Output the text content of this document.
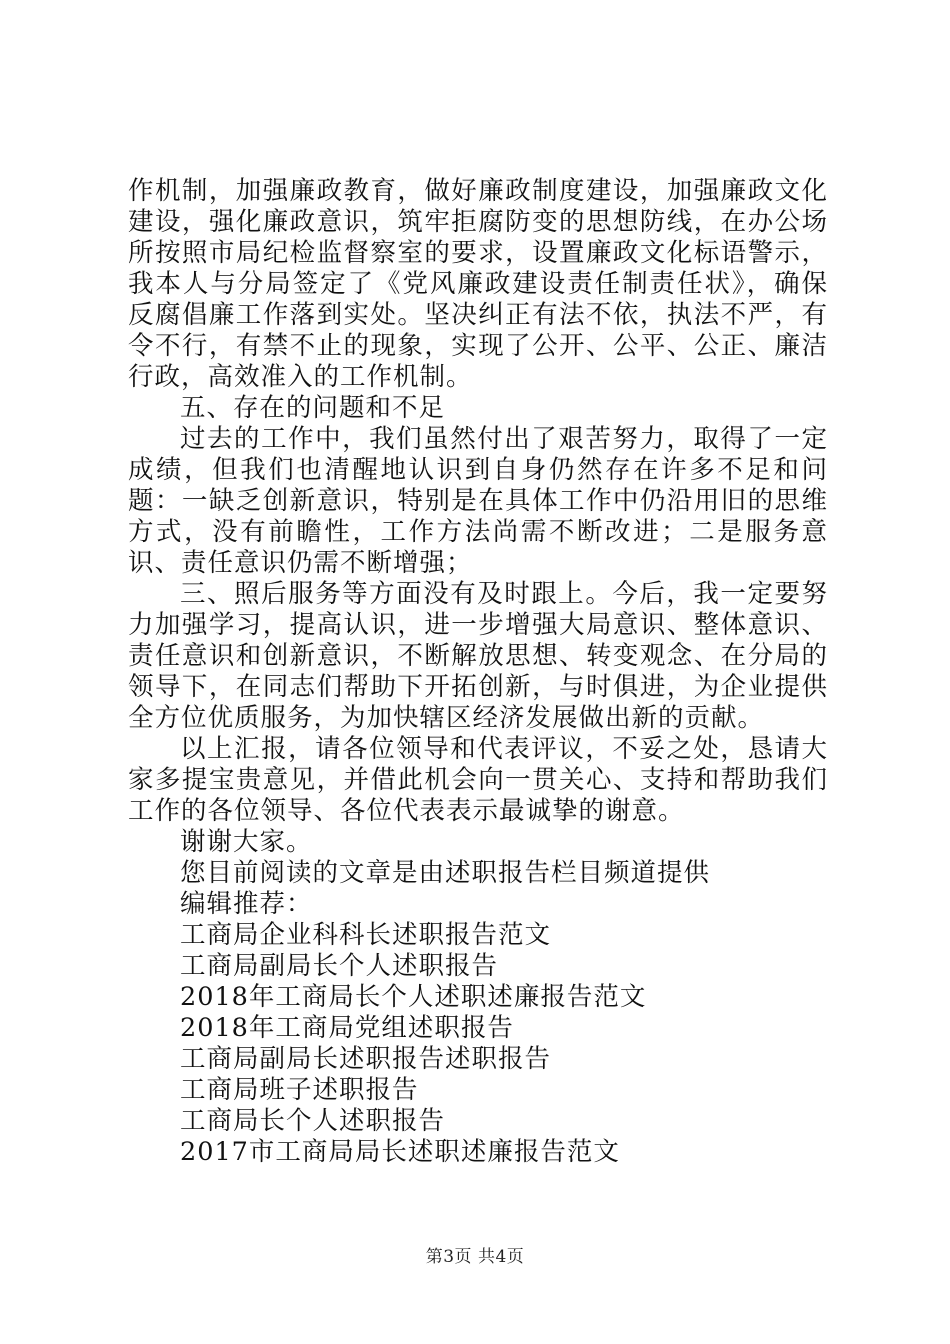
作机制，加强廉政教育，做好廉政制度建设，加强廉政文化建设，强化廉政意识，筑牢拒腐防变的思想防线，在办公场所按照市局纪检监督察室的要求，设置廉政文化标语警示，我本人与分局签定了《党风廉政建设责任制责任状》，确保反腐倡廉工作落到实处。坚决纠正有法不依，执法不严，有令不行，有禁不止的现象，实现了公开、公平、公正、廉洁行政，高效准入的工作机制。

五、存在的问题和不足

过去的工作中，我们虽然付出了艰苦努力，取得了一定成绩，但我们也清醒地认识到自身仍然存在许多不足和问题：一缺乏创新意识，特别是在具体工作中仍沿用旧的思维方式，没有前瞻性，工作方法尚需不断改进；二是服务意识、责任意识仍需不断增强；

三、照后服务等方面没有及时跟上。今后，我一定要努力加强学习，提高认识，进一步增强大局意识、整体意识、责任意识和创新意识，不断解放思想、转变观念、在分局的领导下，在同志们帮助下开拓创新，与时俱进，为企业提供全方位优质服务，为加快辖区经济发展做出新的贡献。

以上汇报，请各位领导和代表评议，不妥之处，恳请大家多提宝贵意见，并借此机会向一贯关心、支持和帮助我们工作的各位领导、各位代表表示最诚挚的谢意。

谢谢大家。

您目前阅读的文章是由述职报告栏目频道提供

编辑推荐：

工商局企业科科长述职报告范文
工商局副局长个人述职报告
2018年工商局长个人述职述廉报告范文
2018年工商局党组述职报告
工商局副局长述职报告述职报告
工商局班子述职报告
工商局长个人述职报告
2017市工商局局长述职述廉报告范文
第3页 共4页
